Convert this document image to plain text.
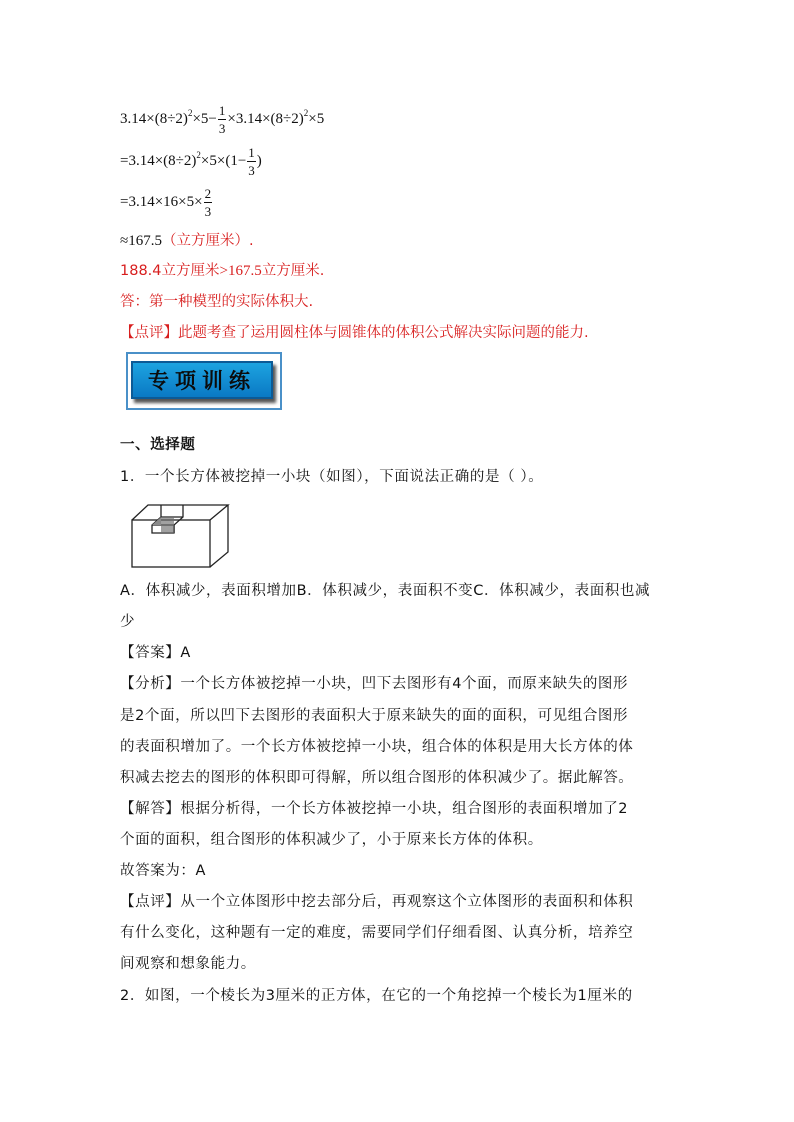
$3.14\times(8\div 2)^2\times 5- \frac{1}{3} \times 3.14\times(8\div 2)^2\times 5$
$=3.14\times(8\div 2)^2\times 5\times(1- \frac{1}{3}$ )
$=3.14\times 16\times 5\times \frac{2}{3}$
≈167.5（立方厘米）.
188.4立方厘米>167.5立方厘米.
答：第一种模型的实际体积大.
【点评】此题考查了运用圆柱体与圆锥体的体积公式解决实际问题的能力.
专项训练
一、选择题
1．一个长方体被挖掉一小块（如图），下面说法正确的是（ ）。
A．体积减少，表面积增加B．体积减少，表面积不变C．体积减少，表面积也减
少
【答案】A
【分析】一个长方体被挖掉一小块，凹下去图形有4个面，而原来缺失的图形
是2个面，所以凹下去图形的表面积大于原来缺失的面的面积，可见组合图形
的表面积增加了。一个长方体被挖掉一小块，组合体的体积是用大长方体的体
积减去挖去的图形的体积即可得解，所以组合图形的体积减少了。据此解答。
【解答】根据分析得，一个长方体被挖掉一小块，组合图形的表面积增加了2
个面的面积，组合图形的体积减少了，小于原来长方体的体积。
故答案为：A
【点评】从一个立体图形中挖去部分后，再观察这个立体图形的表面积和体积
有什么变化，这种题有一定的难度，需要同学们仔细看图、认真分析，培养空
间观察和想象能力。
2．如图，一个棱长为3厘米的正方体，在它的一个角挖掉一个棱长为1厘米的
